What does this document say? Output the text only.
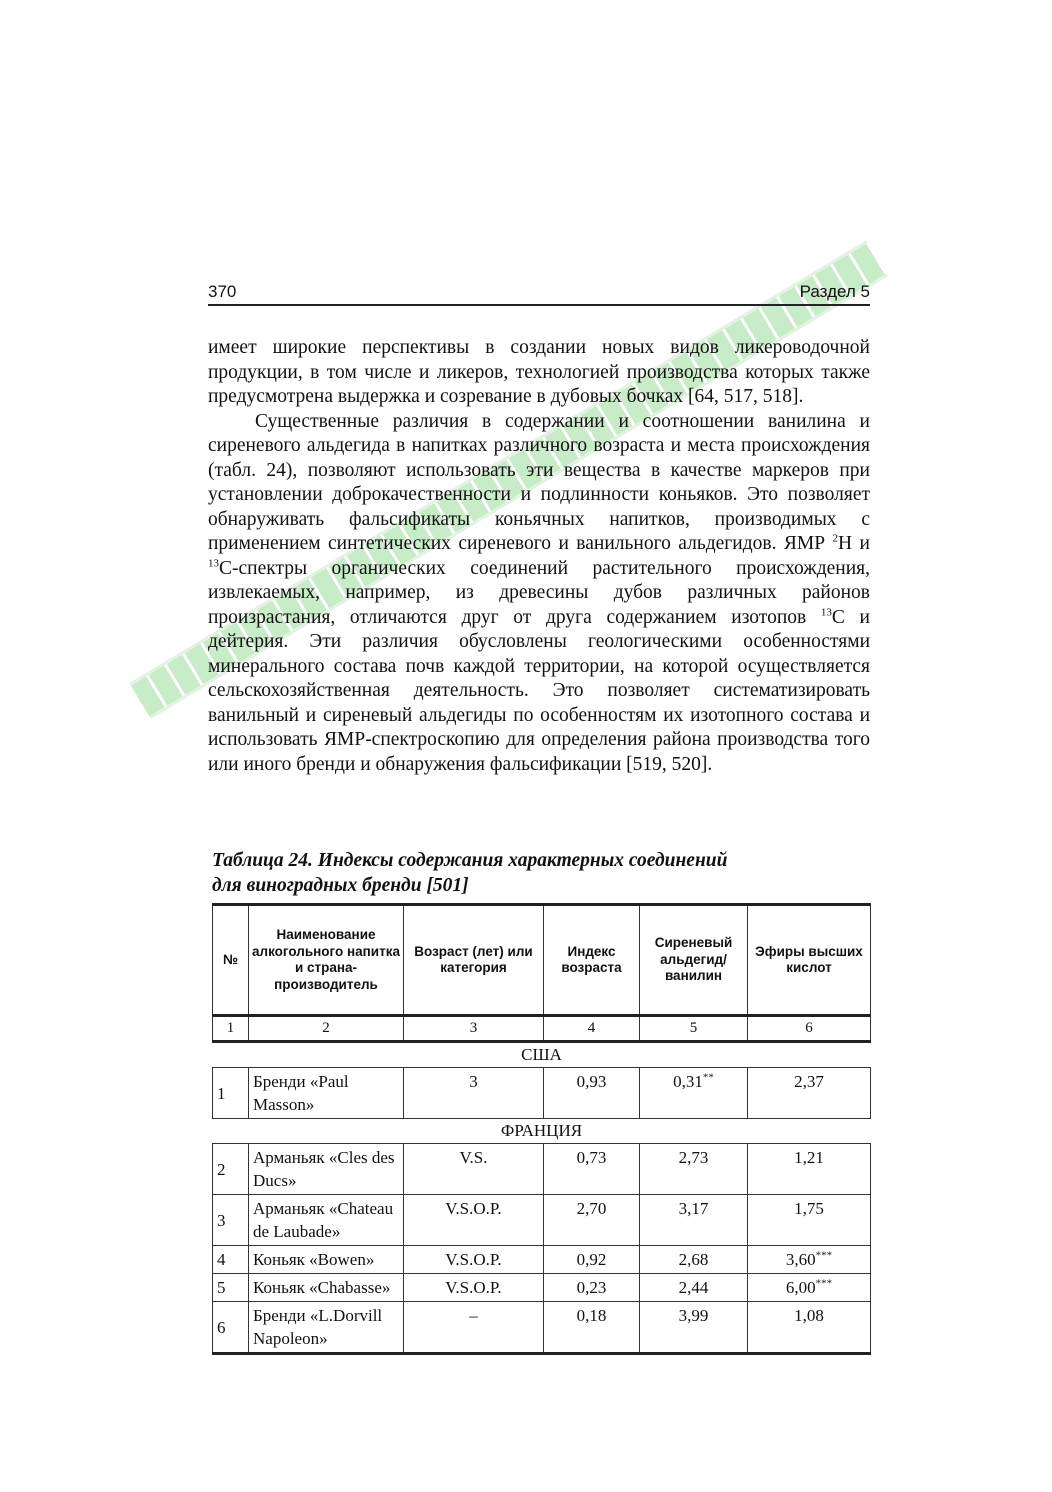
370	Раздел 5

имеет широкие перспективы в создании новых видов ликероводочной продукции, в том числе и ликеров, технологией производства которых также предусмотрена выдержка и созревание в дубовых бочках [64, 517, 518].

Существенные различия в содержании и соотношении ванилина и сиреневого альдегида в напитках различного возраста и места происхождения (табл. 24), позволяют использовать эти вещества в качестве маркеров при установлении доброкачественности и подлинности коньяков. Это позволяет обнаруживать фальсификаты коньячных напитков, производимых с применением синтетических сиреневого и ванильного альдегидов. ЯМР $^2$H и $^{13}$С-спектры органических соединений растительного происхождения, извлекаемых, например, из древесины дубов различных районов произрастания, отличаются друг от друга содержанием изотопов $^{13}$С и дейтерия. Эти различия обусловлены геологическими особенностями минерального состава почв каждой территории, на которой осуществляется сельскохозяйственная деятельность. Это позволяет систематизировать ванильный и сиреневый альдегиды по особенностям их изотопного состава и использовать ЯМР-спектроскопию для определения района производства того или иного бренди и обнаружения фальсификации [519, 520].

Таблица 24. Индексы содержания характерных соединений
для виноградных бренди [501]
№	Наименование алкогольного напитка и страна-производитель	Возраст (лет) или категория	Индекс возраста	Сиреневый альдегид/ванилин	Эфиры высших кислот
1	2	3	4	5	6
США					
1	Бренди «Paul Masson»	3	0,93	0,31**	2,37
ФРАНЦИЯ					
2	Арманьяк «Cles des Ducs»	V.S.	0,73	2,73	1,21
3	Арманьяк «Chateau de Laubade»	V.S.O.P.	2,70	3,17	1,75
4	Коньяк «Bowen»	V.S.O.P.	0,92	2,68	3,60***
5	Коньяк «Chabasse»	V.S.O.P.	0,23	2,44	6,00***
6	Бренди «L.Dorvill Napoleon»	–	0,18	3,99	1,08
